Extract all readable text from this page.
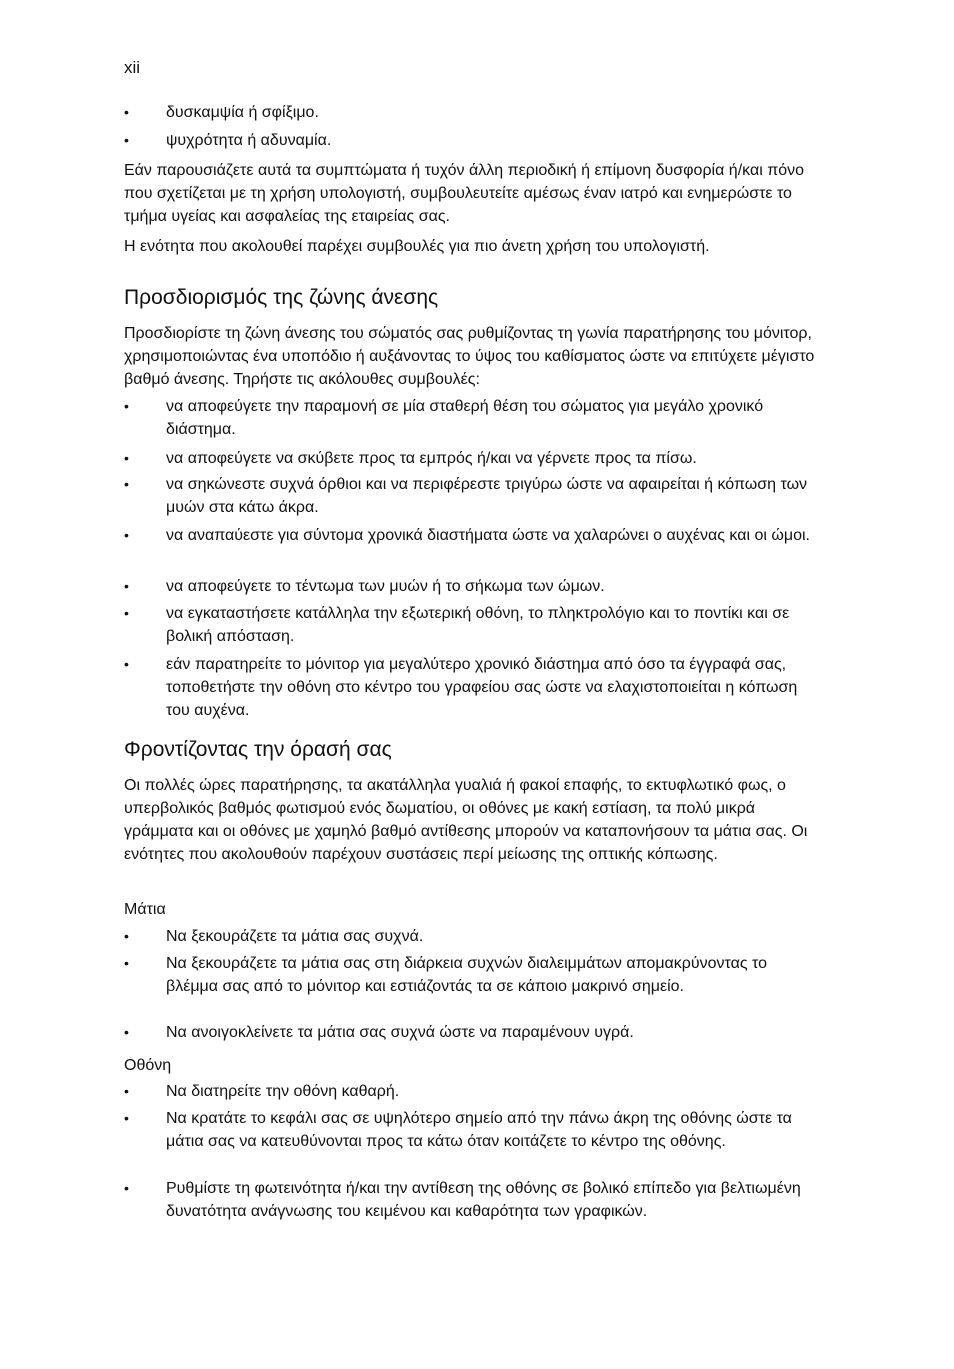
xii
•	δυσκαμψία ή σφίξιμο.
•	ψυχρότητα ή αδυναμία.

Εάν παρουσιάζετε αυτά τα συμπτώματα ή τυχόν άλλη περιοδική ή επίμονη δυσφορία ή/και πόνο που σχετίζεται με τη χρήση υπολογιστή, συμβουλευτείτε αμέσως έναν ιατρό και ενημερώστε το τμήμα υγείας και ασφαλείας της εταιρείας σας.

Η ενότητα που ακολουθεί παρέχει συμβουλές για πιο άνετη χρήση του υπολογιστή.

Προσδιορισμός της ζώνης άνεσης

Προσδιορίστε τη ζώνη άνεσης του σώματός σας ρυθμίζοντας τη γωνία παρατήρησης του μόνιτορ, χρησιμοποιώντας ένα υποπόδιο ή αυξάνοντας το ύψος του καθίσματος ώστε να επιτύχετε μέγιστο βαθμό άνεσης. Τηρήστε τις ακόλουθες συμβουλές:

•	να αποφεύγετε την παραμονή σε μία σταθερή θέση του σώματος για μεγάλο χρονικό διάστημα.
•	να αποφεύγετε να σκύβετε προς τα εμπρός ή/και να γέρνετε προς τα πίσω.
•	να σηκώνεστε συχνά όρθιοι και να περιφέρεστε τριγύρω ώστε να αφαιρείται ή κόπωση των μυών στα κάτω άκρα.
•	να αναπαύεστε για σύντομα χρονικά διαστήματα ώστε να χαλαρώνει ο αυχένας και οι ώμοι.
•	να αποφεύγετε το τέντωμα των μυών ή το σήκωμα των ώμων.
•	να εγκαταστήσετε κατάλληλα την εξωτερική οθόνη, το πληκτρολόγιο και το ποντίκι και σε βολική απόσταση.
•	εάν παρατηρείτε το μόνιτορ για μεγαλύτερο χρονικό διάστημα από όσο τα έγγραφά σας, τοποθετήστε την οθόνη στο κέντρο του γραφείου σας ώστε να ελαχιστοποιείται η κόπωση του αυχένα.
Φροντίζοντας την όρασή σας

Οι πολλές ώρες παρατήρησης, τα ακατάλληλα γυαλιά ή φακοί επαφής, το εκτυφλωτικό φως, ο υπερβολικός βαθμός φωτισμού ενός δωματίου, οι οθόνες με κακή εστίαση, τα πολύ μικρά γράμματα και οι οθόνες με χαμηλό βαθμό αντίθεσης μπορούν να καταπονήσουν τα μάτια σας. Οι ενότητες που ακολουθούν παρέχουν συστάσεις περί μείωσης της οπτικής κόπωσης.

Μάτια
•	Να ξεκουράζετε τα μάτια σας συχνά.
•	Να ξεκουράζετε τα μάτια σας στη διάρκεια συχνών διαλειμμάτων απομακρύνοντας το βλέμμα σας από το μόνιτορ και εστιάζοντάς τα σε κάποιο μακρινό σημείο.
•	Να ανοιγοκλείνετε τα μάτια σας συχνά ώστε να παραμένουν υγρά.
Οθόνη
•	Να διατηρείτε την οθόνη καθαρή.
•	Να κρατάτε το κεφάλι σας σε υψηλότερο σημείο από την πάνω άκρη της οθόνης ώστε τα μάτια σας να κατευθύνονται προς τα κάτω όταν κοιτάζετε το κέντρο της οθόνης.
•	Ρυθμίστε τη φωτεινότητα ή/και την αντίθεση της οθόνης σε βολικό επίπεδο για βελτιωμένη δυνατότητα ανάγνωσης του κειμένου και καθαρότητα των γραφικών.
